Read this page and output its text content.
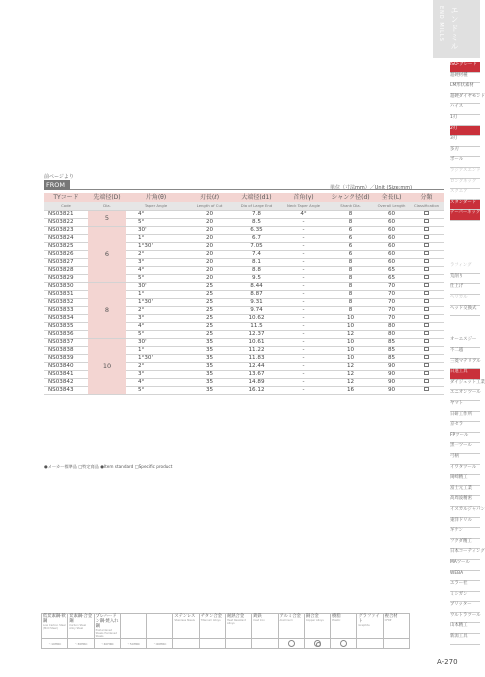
エンドミル
END MILLS
ISO-グレード
超硬材種
LM形状素材
超硬ダイヤモンド
ハイス
1刃
2刃
3刃
多刃
ボール
ラジアスエンド
ロングネック
スクエア
スタンダード
テーパーネック
ラフィング
荒削り
仕上げ
ヘリカル
ヘッド交換式
オーエスジー
不二越
三菱マテリアル
日進工具
ダイジェット工業
ユニオンツール
ヤマト
日研工作所
京セラ
FPツール
黒一ツール
弓柄
イワタツール
岡崎精工
富士元工業
高周波精密
イスカルジャパン
東洋ドリル
ギケン
フクダ精工
日本コーティング
MAツール
WEBA
エラー社
ミシガン
ブリッター
ウルトラツール
山本精工
新潟工具
前ページより
FROM	単位（寸法mm）／Unit (Size:mm)
TYコード	先端径(D)	片角(θ)	刃長(ℓ)	大端径(d1)	首角(γ)	シャンク径(d)	全長(L)	分類
Code	Dia.	Taper Angle	Length of Cut	Dia of Large End	Neck Taper Angle	Shank Dia.	Overall Length	Classification
NS03821	5	4°	20	7.8	4°	8	60	
NS03822		5°	20	8.5	-	8	60	
NS03823	6	30'	20	6.35	-	6	60	
NS03824		1°	20	6.7	-	6	60	
NS03825		1°30'	20	7.05	-	6	60	
NS03826		2°	20	7.4	-	6	60	
NS03827		3°	20	8.1	-	8	60	
NS03828		4°	20	8.8	-	8	65	
NS03829		5°	20	9.5	-	8	65	
NS03830	8	30'	25	8.44	-	8	70	
NS03831		1°	25	8.87	-	8	70	
NS03832		1°30'	25	9.31	-	8	70	
NS03833		2°	25	9.74	-	8	70	
NS03834		3°	25	10.62	-	10	70	
NS03835		4°	25	11.5	-	10	80	
NS03836		5°	25	12.37	-	12	80	
NS03837	10	30'	35	10.61	-	10	85	
NS03838		1°	35	11.22	-	10	85	
NS03839		1°30'	35	11.83	-	10	85	
NS03840		2°	35	12.44	-	12	90	
NS03841		3°	35	13.67	-	12	90	
NS03842		4°	35	14.89	-	12	90	
NS03843		5°	35	16.12	-	16	90	
●メーカー標準品 □特定商品 ●Item standard □Specific product
低炭素鋼·軟鋼
Low Carbon Steel (Mild Steel)	炭素鋼·合金鋼
Carbon Steel Alloy Steel	プレハードン鋼·焼入れ鋼
Prehardened Steels Hardened Steels			ステンレス
Stainless Steels	チタン合金
Titanium Alloys	耐熱合金
Heat Resistant Alloys	鋳鉄
Cast Iron	アルミ合金
Aluminum	銅合金
Copper Alloys	樹脂
Plastic	グラファイト
Graphite	複合材
CFRP

〜10HRC	〜30HRC	〜40HRC	〜50HRC	〜60HRC									
A-270
